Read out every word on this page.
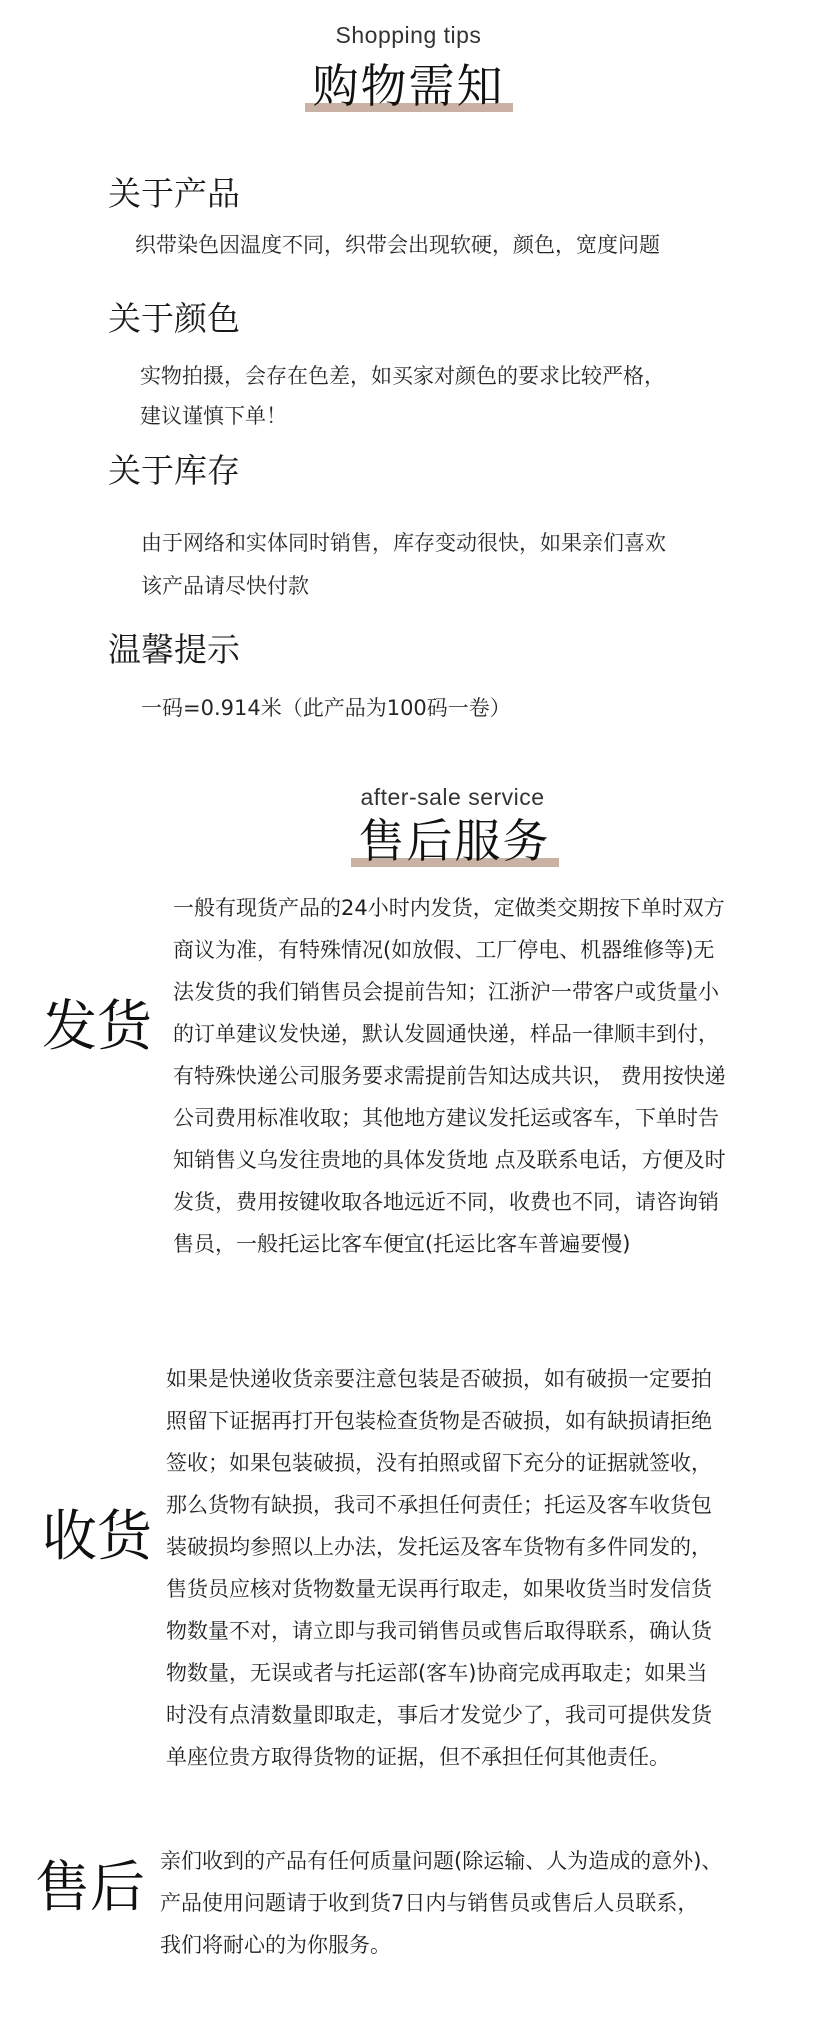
Shopping tips
购物需知
关于产品
织带染色因温度不同，织带会出现软硬，颜色，宽度问题
关于颜色
实物拍摄，会存在色差，如买家对颜色的要求比较严格，
建议谨慎下单！
关于库存
由于网络和实体同时销售，库存变动很快，如果亲们喜欢
该产品请尽快付款
温馨提示
一码=0.914米（此产品为100码一卷）
after-sale service
售后服务
发货
一般有现货产品的24小时内发货，定做类交期按下单时双方
商议为准，有特殊情况(如放假、工厂停电、机器维修等)无
法发货的我们销售员会提前告知；江浙沪一带客户或货量小
的订单建议发快递，默认发圆通快递，样品一律顺丰到付，
有特殊快递公司服务要求需提前告知达成共识， 费用按快递
公司费用标准收取；其他地方建议发托运或客车，下单时告
知销售义乌发往贵地的具体发货地 点及联系电话，方便及时
发货，费用按键收取各地远近不同，收费也不同，请咨询销
售员，一般托运比客车便宜(托运比客车普遍要慢)
收货
如果是快递收货亲要注意包装是否破损，如有破损一定要拍
照留下证据再打开包装检查货物是否破损，如有缺损请拒绝
签收；如果包装破损，没有拍照或留下充分的证据就签收，
那么货物有缺损，我司不承担任何责任；托运及客车收货包
装破损均参照以上办法，发托运及客车货物有多件同发的，
售货员应核对货物数量无误再行取走，如果收货当时发信货
物数量不对，请立即与我司销售员或售后取得联系，确认货
物数量，无误或者与托运部(客车)协商完成再取走；如果当
时没有点清数量即取走，事后才发觉少了，我司可提供发货
单座位贵方取得货物的证据，但不承担任何其他责任。
售后 亲们收到的产品有任何质量问题(除运输、人为造成的意外)、
产品使用问题请于收到货7日内与销售员或售后人员联系，
我们将耐心的为你服务。
